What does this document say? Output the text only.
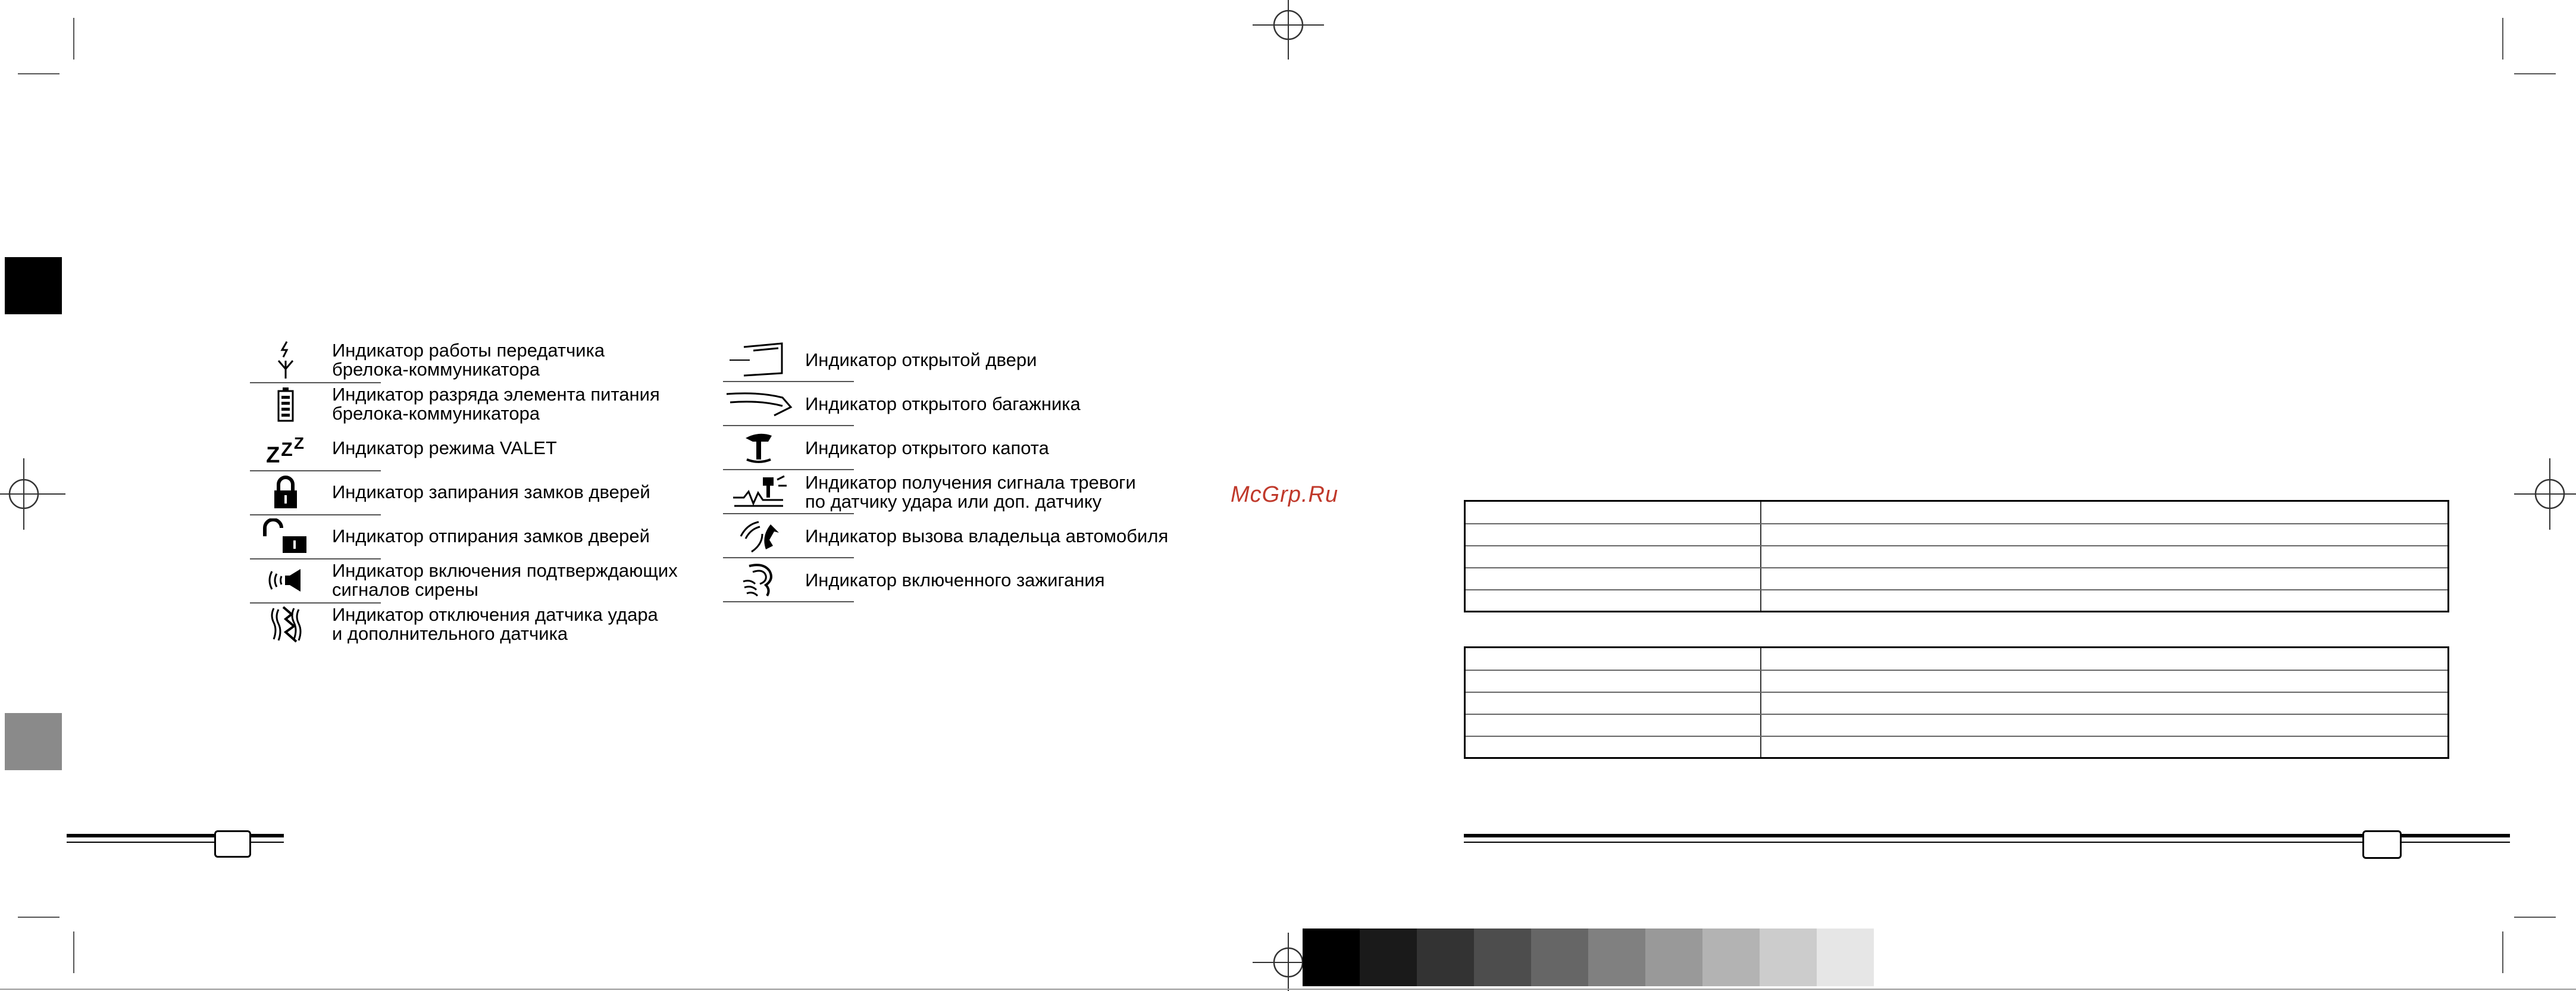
Индикатор работы передатчика
брелока-коммуникатора
Индикатор разряда элемента питания
брелока-коммуникатора
Z Z Z Индикатор режима VALET
Индикатор запирания замков дверей
Индикатор отпирания замков дверей
Индикатор включения подтверждающих
сигналов сирены
Индикатор отключения датчика удара
и дополнительного датчика
Индикатор открытой двери
Индикатор открытого багажника
Индикатор открытого капота
Индикатор получения сигнала тревоги
по датчику удара или доп. датчику
Индикатор вызова владельца автомобиля
Индикатор включенного зажигания
McGrp.Ru
